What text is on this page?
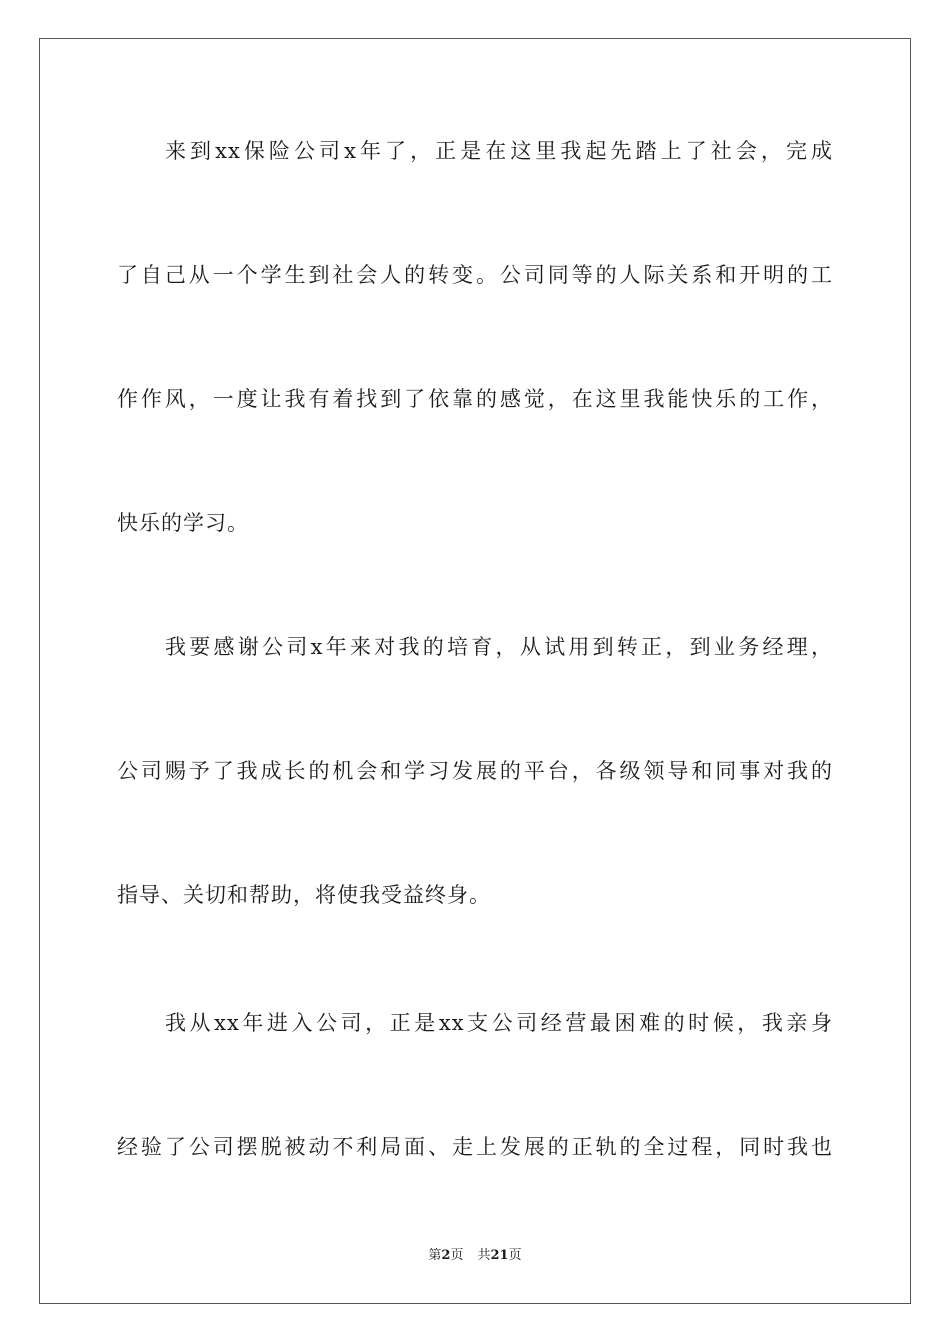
来到xx保险公司x年了，正是在这里我起先踏上了社会，完成
了自己从一个学生到社会人的转变。公司同等的人际关系和开明的工
作作风，一度让我有着找到了依靠的感觉，在这里我能快乐的工作，
快乐的学习。
我要感谢公司x年来对我的培育，从试用到转正，到业务经理，
公司赐予了我成长的机会和学习发展的平台，各级领导和同事对我的
指导、关切和帮助，将使我受益终身。
我从xx年进入公司，正是xx支公司经营最困难的时候，我亲身
经验了公司摆脱被动不利局面、走上发展的正轨的全过程，同时我也
第2页 共21页
